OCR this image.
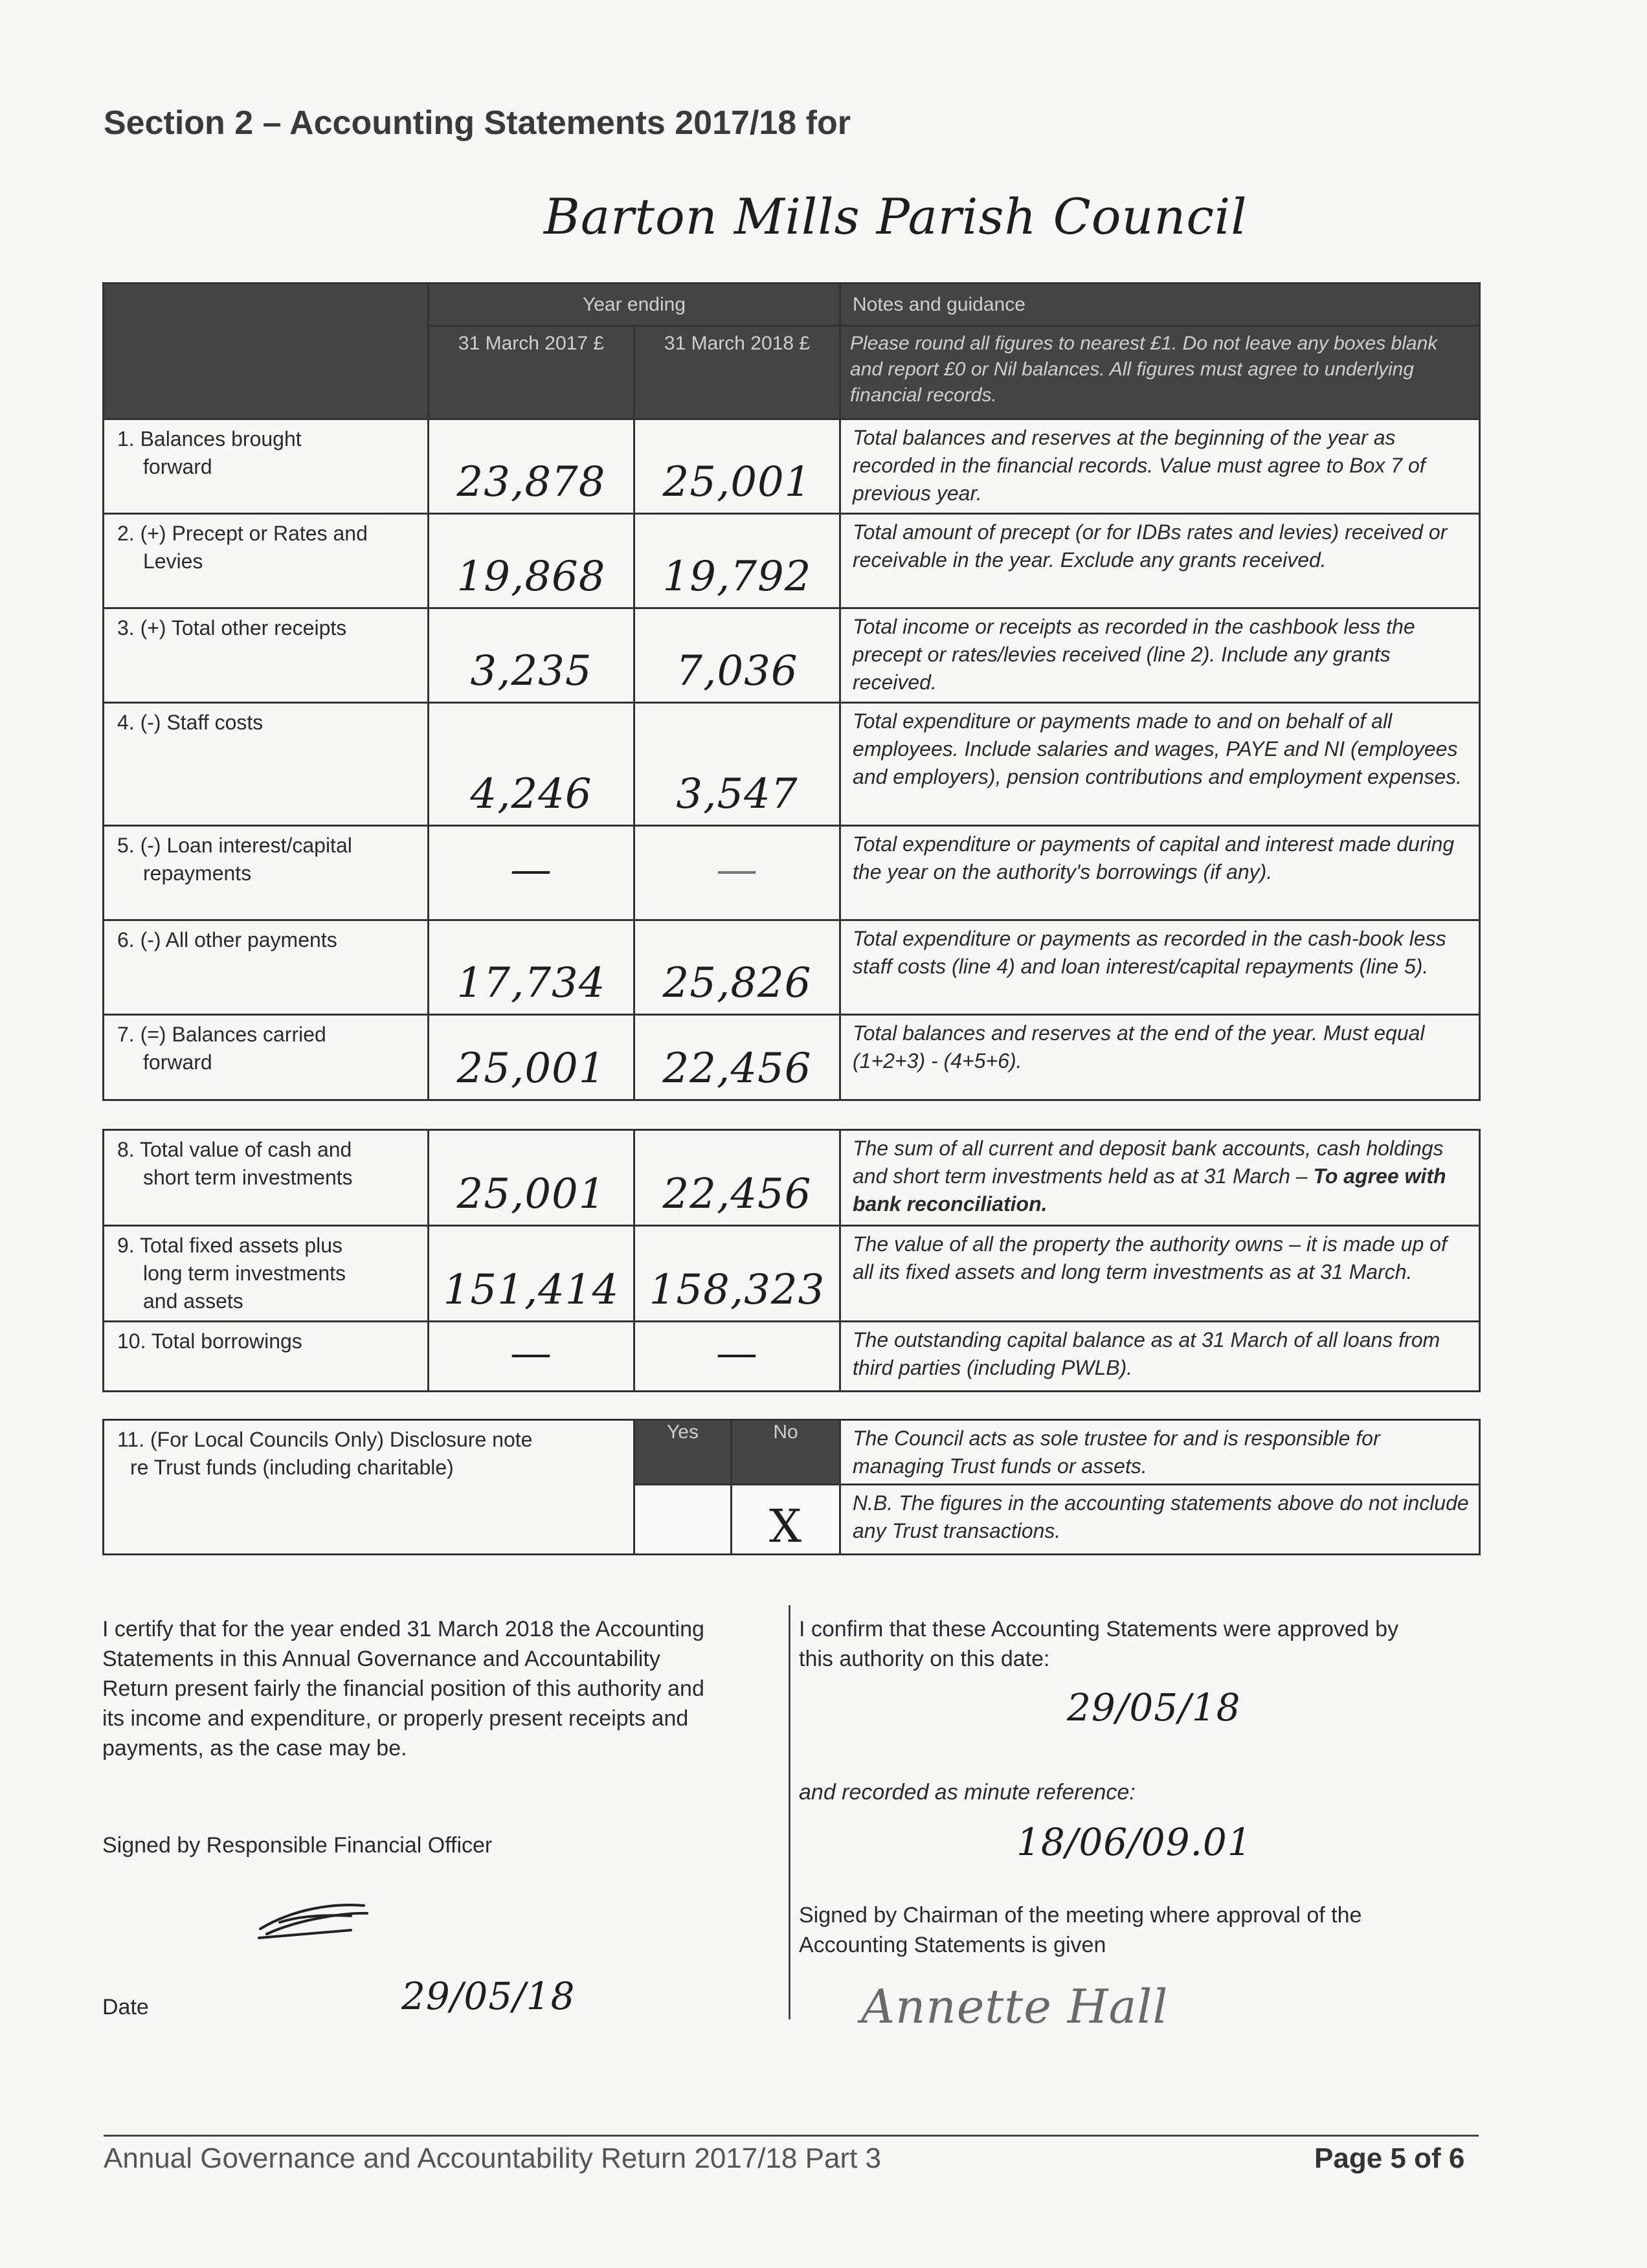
Section 2 – Accounting Statements 2017/18 for
Barton Mills Parish Council
	Year ending		Notes and guidance
	31 March 2017 £	31 March 2018 £	Please round all figures to nearest £1. Do not leave any boxes blank and report £0 or Nil balances. All figures must agree to underlying financial records.
1. Balances brought
forward	23,878	25,001	Total balances and reserves at the beginning of the year as recorded in the financial records. Value must agree to Box 7 of previous year.
2. (+) Precept or Rates and
Levies	19,868	19,792	Total amount of precept (or for IDBs rates and levies) received or receivable in the year. Exclude any grants received.
3. (+) Total other receipts	3,235	7,036	Total income or receipts as recorded in the cashbook less the precept or rates/levies received (line 2). Include any grants received.
4. (-) Staff costs	4,246	3,547	Total expenditure or payments made to and on behalf of all employees. Include salaries and wages, PAYE and NI (employees and employers), pension contributions and employment expenses.
5. (-) Loan interest/capital
repayments	—	—	Total expenditure or payments of capital and interest made during the year on the authority's borrowings (if any).
6. (-) All other payments	17,734	25,826	Total expenditure or payments as recorded in the cash-book less staff costs (line 4) and loan interest/capital repayments (line 5).
7. (=) Balances carried
forward	25,001	22,456	Total balances and reserves at the end of the year. Must equal (1+2+3) - (4+5+6).
8. Total value of cash and
short term investments	25,001	22,456	The sum of all current and deposit bank accounts, cash holdings and short term investments held as at 31 March – To agree with bank reconciliation.
9. Total fixed assets plus
long term investments
and assets	151,414	158,323	The value of all the property the authority owns – it is made up of all its fixed assets and long term investments as at 31 March.
10. Total borrowings	—	—	The outstanding capital balance as at 31 March of all loans from third parties (including PWLB).
11. (For Local Councils Only) Disclosure note
re Trust funds (including charitable)	Yes	No	The Council acts as sole trustee for and is responsible for managing Trust funds or assets.
		X	N.B. The figures in the accounting statements above do not include any Trust transactions.
I certify that for the year ended 31 March 2018 the Accounting Statements in this Annual Governance and Accountability Return present fairly the financial position of this authority and its income and expenditure, or properly present receipts and payments, as the case may be.
Signed by Responsible Financial Officer
Date	29/05/18
I confirm that these Accounting Statements were approved by this authority on this date:
29/05/18
and recorded as minute reference:
18/06/09.01
Signed by Chairman of the meeting where approval of the Accounting Statements is given
Annette Hall
Annual Governance and Accountability Return 2017/18 Part 3	Page 5 of 6
